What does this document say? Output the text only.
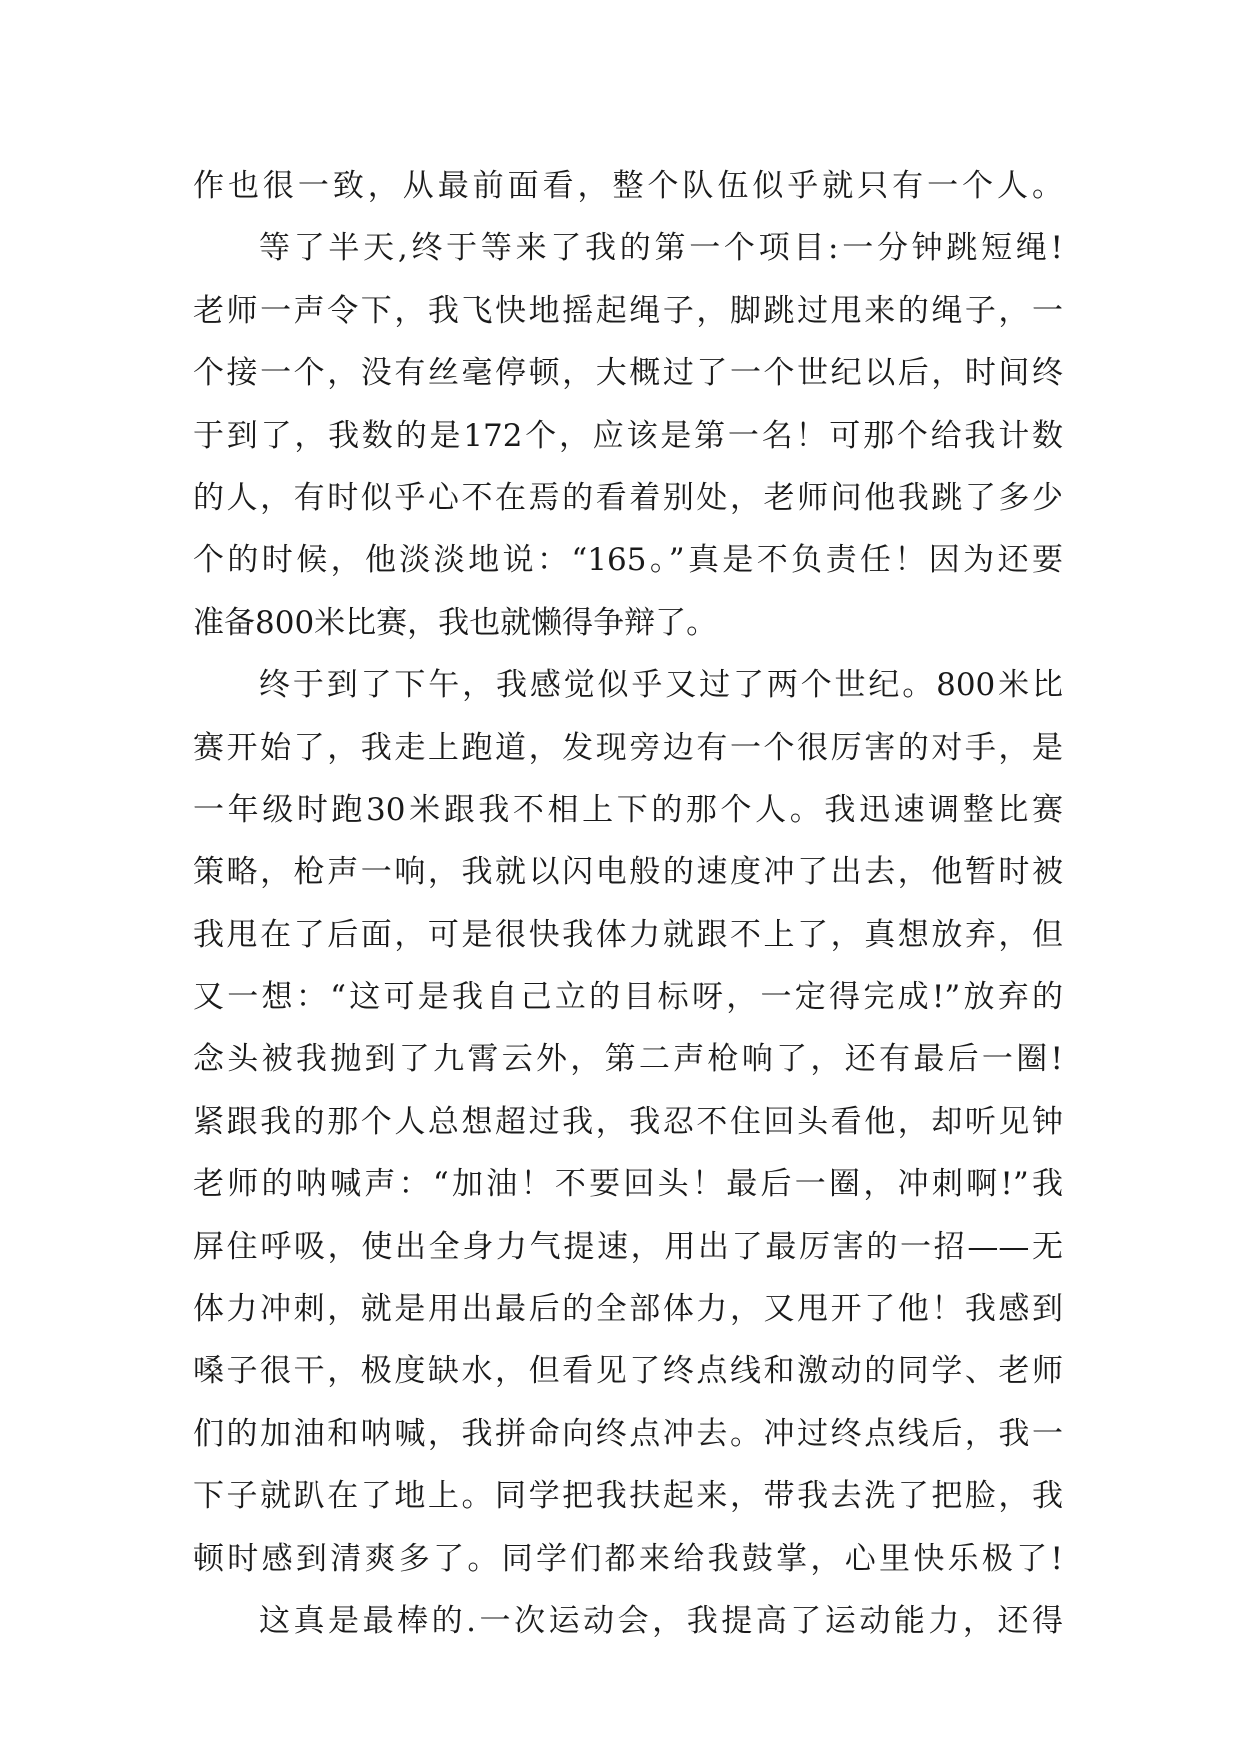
作也很一致，从最前面看，整个队伍似乎就只有一个人。
等了半天,终于等来了我的第一个项目:一分钟跳短绳!
老师一声令下，我飞快地摇起绳子，脚跳过甩来的绳子，一
个接一个，没有丝毫停顿，大概过了一个世纪以后，时间终
于到了，我数的是172个，应该是第一名！可那个给我计数
的人，有时似乎心不在焉的看着别处，老师问他我跳了多少
个的时候，他淡淡地说：“165。”真是不负责任！因为还要
准备800米比赛，我也就懒得争辩了。
终于到了下午，我感觉似乎又过了两个世纪。800米比
赛开始了，我走上跑道，发现旁边有一个很厉害的对手，是
一年级时跑30米跟我不相上下的那个人。我迅速调整比赛
策略，枪声一响，我就以闪电般的速度冲了出去，他暂时被
我甩在了后面，可是很快我体力就跟不上了，真想放弃，但
又一想：“这可是我自己立的目标呀，一定得完成!”放弃的
念头被我抛到了九霄云外，第二声枪响了，还有最后一圈!
紧跟我的那个人总想超过我，我忍不住回头看他，却听见钟
老师的呐喊声：“加油！不要回头！最后一圈，冲刺啊!”我
屏住呼吸，使出全身力气提速，用出了最厉害的一招——无
体力冲刺，就是用出最后的全部体力，又甩开了他！我感到
嗓子很干，极度缺水，但看见了终点线和激动的同学、老师
们的加油和呐喊，我拼命向终点冲去。冲过终点线后，我一
下子就趴在了地上。同学把我扶起来，带我去洗了把脸，我
顿时感到清爽多了。同学们都来给我鼓掌，心里快乐极了!
这真是最棒的.一次运动会，我提高了运动能力，还得
